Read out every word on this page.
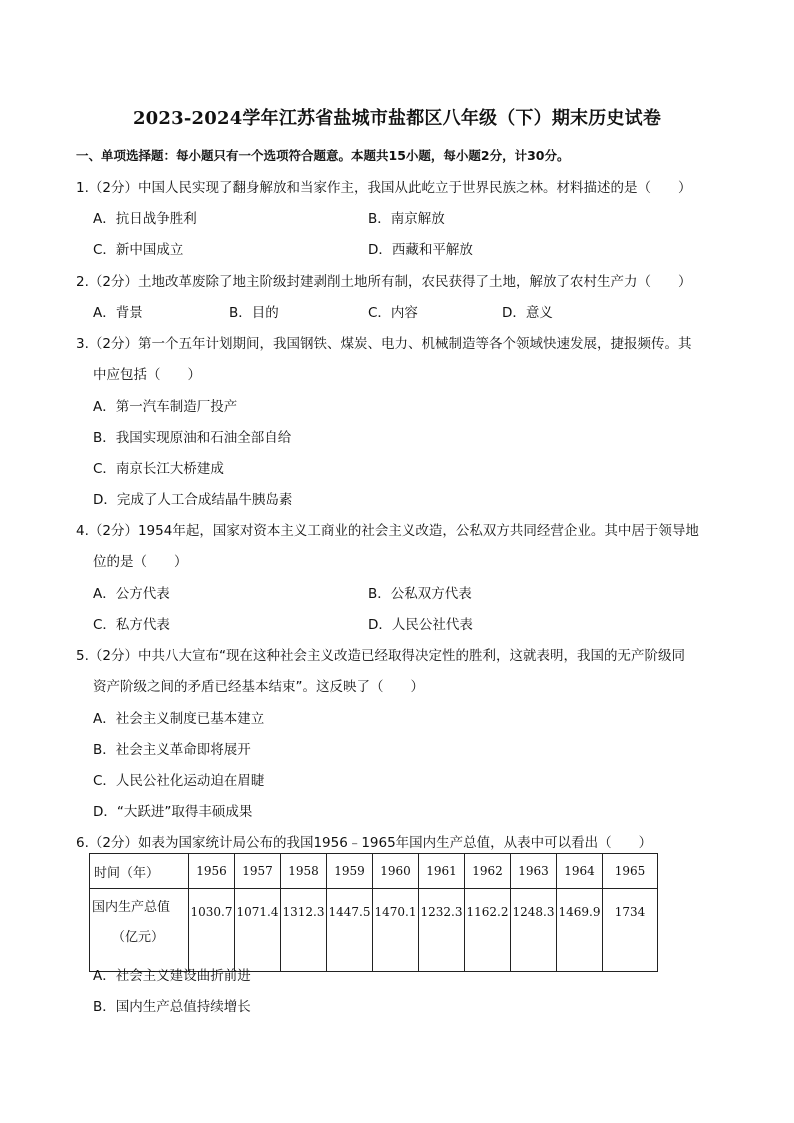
2023-2024学年江苏省盐城市盐都区八年级（下）期末历史试卷
一、单项选择题：每小题只有一个选项符合题意。本题共15小题，每小题2分，计30分。
1.（2分）中国人民实现了翻身解放和当家作主，我国从此屹立于世界民族之林。材料描述的是（　　）
A．抗日战争胜利	B．南京解放
C．新中国成立	D．西藏和平解放
2.（2分）土地改革废除了地主阶级封建剥削土地所有制，农民获得了土地，解放了农村生产力（　　）
A．背景	B．目的	C．内容	D．意义
3.（2分）第一个五年计划期间，我国钢铁、煤炭、电力、机械制造等各个领域快速发展，捷报频传。其
中应包括（　　）
A．第一汽车制造厂投产
B．我国实现原油和石油全部自给
C．南京长江大桥建成
D．完成了人工合成结晶牛胰岛素
4.（2分）1954年起，国家对资本主义工商业的社会主义改造，公私双方共同经营企业。其中居于领导地
位的是（　　）
A．公方代表	B．公私双方代表
C．私方代表	D．人民公社代表
5.（2分）中共八大宣布“现在这种社会主义改造已经取得决定性的胜利，这就表明，我国的无产阶级同
资产阶级之间的矛盾已经基本结束”。这反映了（　　）
A．社会主义制度已基本建立
B．社会主义革命即将展开
C．人民公社化运动迫在眉睫
D．“大跃进”取得丰硕成果
6.（2分）如表为国家统计局公布的我国1956﹣1965年国内生产总值，从表中可以看出（　　）
时间（年）	1956	1957	1958	1959	1960	1961	1962	1963	1964	1965
国内生产总值
（亿元）	1030.7	1071.4	1312.3	1447.5	1470.1	1232.3	1162.2	1248.3	1469.9	1734
A．社会主义建设曲折前进
B．国内生产总值持续增长
